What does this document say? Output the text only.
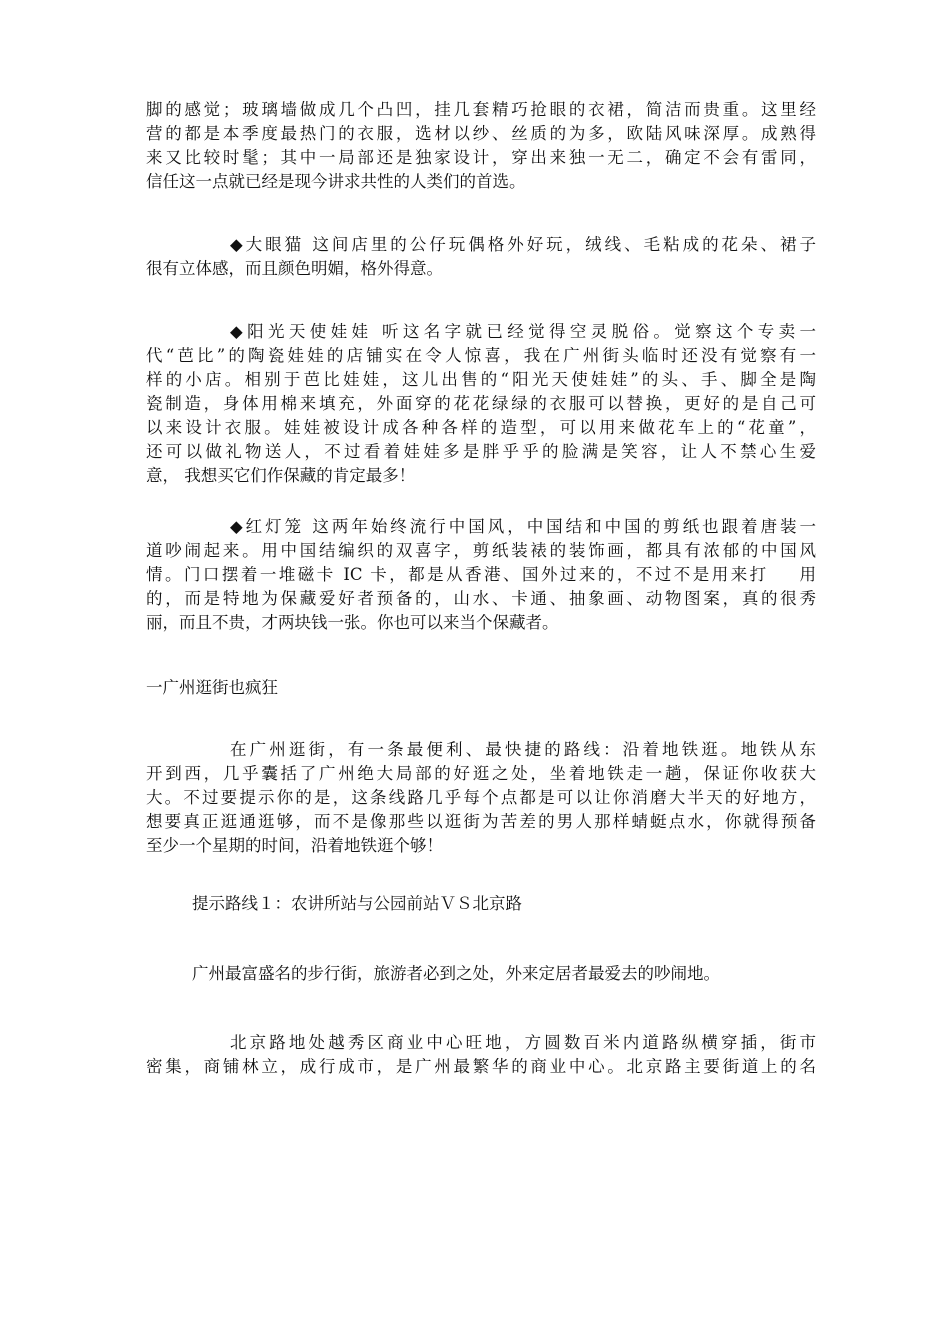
脚的感觉；玻璃墙做成几个凸凹，挂几套精巧抢眼的衣裙，简洁而贵重。这里经
营的都是本季度最热门的衣服，选材以纱、丝质的为多，欧陆风味深厚。成熟得
来又比较时髦；其中一局部还是独家设计，穿出来独一无二，确定不会有雷同，
信任这一点就已经是现今讲求共性的人类们的首选。
◆大眼猫 这间店里的公仔玩偶格外好玩，绒线、毛粘成的花朵、裙子
很有立体感，而且颜色明媚，格外得意。
◆阳光天使娃娃 听这名字就已经觉得空灵脱俗。觉察这个专卖一
代“芭比”的陶瓷娃娃的店铺实在令人惊喜，我在广州街头临时还没有觉察有一
样的小店。相别于芭比娃娃，这儿出售的“阳光天使娃娃”的头、手、脚全是陶
瓷制造，身体用棉来填充，外面穿的花花绿绿的衣服可以替换，更好的是自己可
以来设计衣服。娃娃被设计成各种各样的造型，可以用来做花车上的“花童”，
还可以做礼物送人，不过看着娃娃多是胖乎乎的脸满是笑容，让人不禁心生爱
意， 我想买它们作保藏的肯定最多！
◆红灯笼 这两年始终流行中国风，中国结和中国的剪纸也跟着唐装一
道吵闹起来。用中国结编织的双喜字，剪纸装裱的装饰画，都具有浓郁的中国风
情。门口摆着一堆磁卡 IC 卡，都是从香港、国外过来的，不过不是用来打    用
的，而是特地为保藏爱好者预备的，山水、卡通、抽象画、动物图案，真的很秀
丽，而且不贵，才两块钱一张。你也可以来当个保藏者。
一广州逛街也疯狂
在广州逛街，有一条最便利、最快捷的路线：沿着地铁逛。地铁从东
开到西，几乎囊括了广州绝大局部的好逛之处，坐着地铁走一趟，保证你收获大
大。不过要提示你的是，这条线路几乎每个点都是可以让你消磨大半天的好地方，
想要真正逛通逛够，而不是像那些以逛街为苦差的男人那样蜻蜓点水，你就得预备
至少一个星期的时间，沿着地铁逛个够！
提示路线１：农讲所站与公园前站ＶＳ北京路
广州最富盛名的步行街，旅游者必到之处，外来定居者最爱去的吵闹地。
北京路地处越秀区商业中心旺地，方圆数百米内道路纵横穿插，街市
密集，商铺林立，成行成市，是广州最繁华的商业中心。北京路主要街道上的名
